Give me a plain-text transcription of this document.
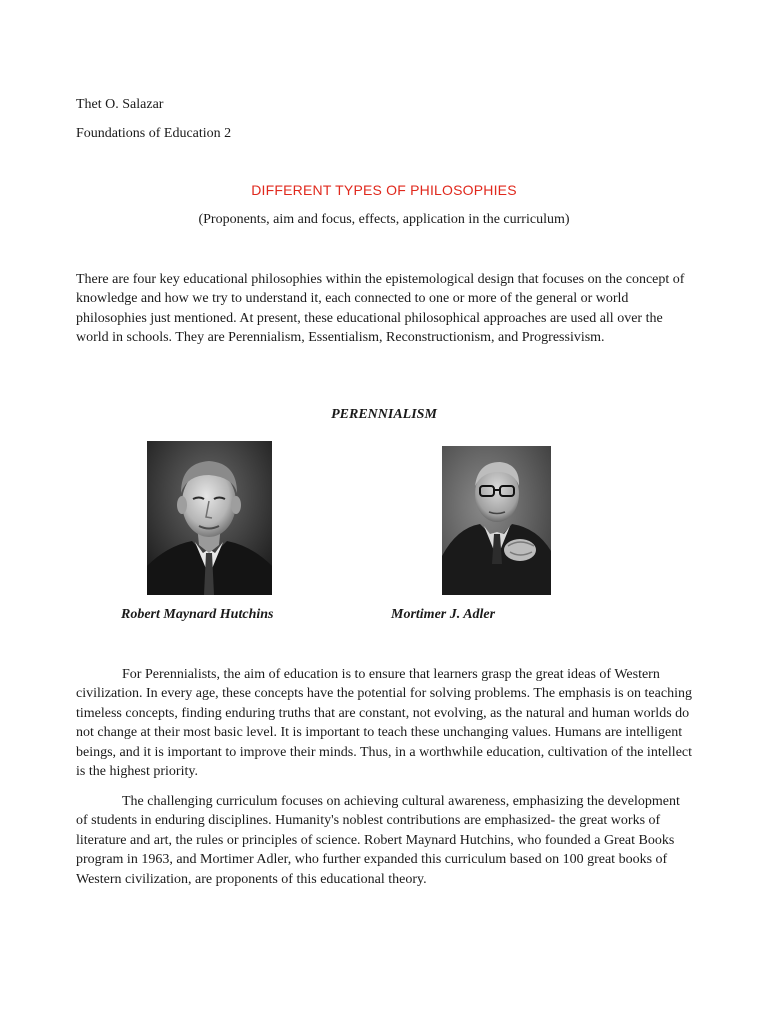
Thet O. Salazar
Foundations of Education 2
DIFFERENT TYPES OF PHILOSOPHIES
(Proponents, aim and focus, effects, application in the curriculum)

There are four key educational philosophies within the epistemological design that focuses on the concept of knowledge and how we try to understand it, each connected to one or more of the general or world philosophies just mentioned. At present, these educational philosophical approaches are used all over the world in schools. They are Perennialism, Essentialism, Reconstructionism, and Progressivism.

PERENNIALISM
Robert Maynard Hutchins	Mortimer J. Adler

For Perennialists, the aim of education is to ensure that learners grasp the great ideas of Western civilization. In every age, these concepts have the potential for solving problems. The emphasis is on teaching timeless concepts, finding enduring truths that are constant, not evolving, as the natural and human worlds do not change at their most basic level. It is important to teach these unchanging values. Humans are intelligent beings, and it is important to improve their minds. Thus, in a worthwhile education, cultivation of the intellect is the highest priority.

The challenging curriculum focuses on achieving cultural awareness, emphasizing the development of students in enduring disciplines. Humanity's noblest contributions are emphasized- the great works of literature and art, the rules or principles of science. Robert Maynard Hutchins, who founded a Great Books program in 1963, and Mortimer Adler, who further expanded this curriculum based on 100 great books of Western civilization, are proponents of this educational theory.
